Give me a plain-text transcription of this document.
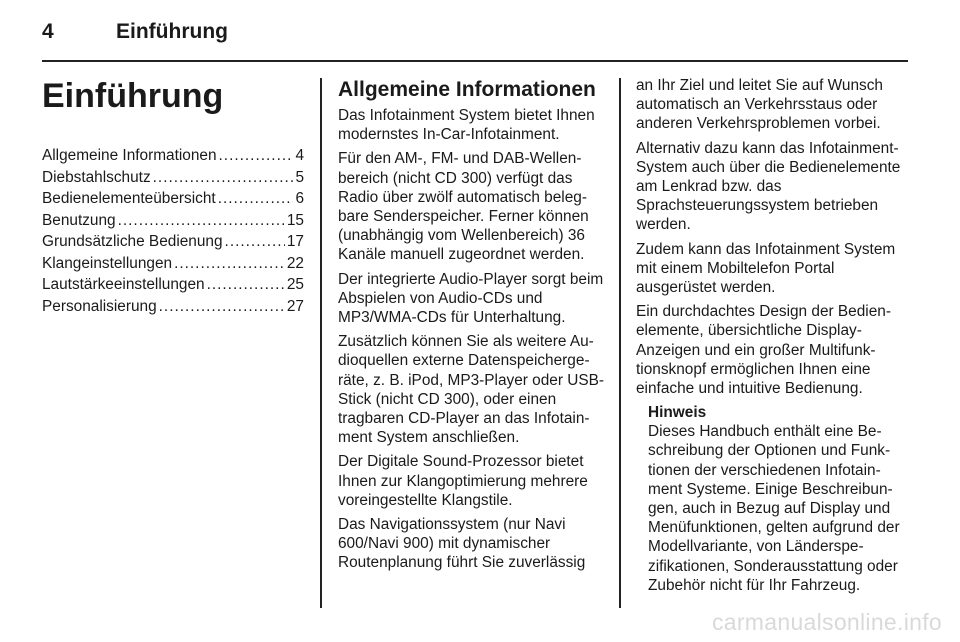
4	Einführung
Einführung
Allgemeine Informationen .....	4
Diebstahlschutz .....	5
Bedienelementeübersicht .....	6
Benutzung .....	15
Grundsätzliche Bedienung .....	17
Klangeinstellungen .....	22
Lautstärkeeinstellungen .....	25
Personalisierung .....	27
Allgemeine Informationen

Das Infotainment System bietet Ihnen modernstes In-Car-Infotainment.

Für den AM-, FM- und DAB-Wellenbereich (nicht CD 300) verfügt das Radio über zwölf automatisch belegbare Senderspeicher. Ferner können (unabhängig vom Wellenbereich) 36 Kanäle manuell zugeordnet werden.

Der integrierte Audio-Player sorgt beim Abspielen von Audio-CDs und MP3/WMA-CDs für Unterhaltung.

Zusätzlich können Sie als weitere Audioquellen externe Datenspeichergeräte, z. B. iPod, MP3-Player oder USB-Stick (nicht CD 300), oder einen tragbaren CD-Player an das Infotainment System anschließen.

Der Digitale Sound-Prozessor bietet Ihnen zur Klangoptimierung mehrere voreingestellte Klangstile.

Das Navigationssystem (nur Navi 600/Navi 900) mit dynamischer Routenplanung führt Sie zuverlässig

an Ihr Ziel und leitet Sie auf Wunsch automatisch an Verkehrsstaus oder anderen Verkehrsproblemen vorbei.

Alternativ dazu kann das Infotainment-System auch über die Bedienelemente am Lenkrad bzw. das Sprachsteuerungssystem betrieben werden.

Zudem kann das Infotainment System mit einem Mobiltelefon Portal ausgerüstet werden.

Ein durchdachtes Design der Bedienelemente, übersichtliche Display-Anzeigen und ein großer Multifunktionsknopf ermöglichen Ihnen eine einfache und intuitive Bedienung.

Hinweis
Dieses Handbuch enthält eine Beschreibung der Optionen und Funktionen der verschiedenen Infotainment Systeme. Einige Beschreibungen, auch in Bezug auf Display und Menüfunktionen, gelten aufgrund der Modellvariante, von Länderspezifikationen, Sonderausstattung oder Zubehör nicht für Ihr Fahrzeug.
carmanualsonline.info
